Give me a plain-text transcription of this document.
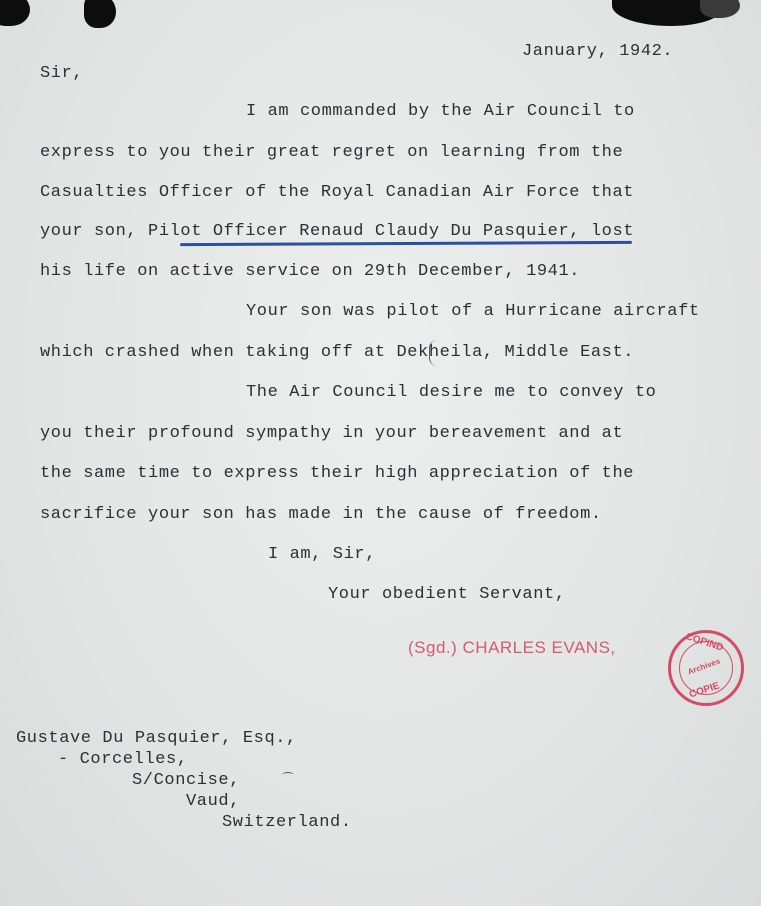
January, 1942.
Sir,
I am commanded by the Air Council to
express to you their great regret on learning from the
Casualties Officer of the Royal Canadian Air Force that
your son, Pilot Officer Renaud Claudy Du Pasquier, lost
his life on active service on 29th December, 1941.
Your son was pilot of a Hurricane aircraft
which crashed when taking off at Dekheila, Middle East.
The Air Council desire me to convey to
you their profound sympathy in your bereavement and at
the same time to express their high appreciation of the
sacrifice your son has made in the cause of freedom.
I am, Sir,
Your obedient Servant,
(Sgd.) CHARLES EVANS,	COPIND
Archives
COPIE
Gustave Du Pasquier, Esq.,
- Corcelles,
S/Concise,	⁀
Vaud,
Switzerland.
